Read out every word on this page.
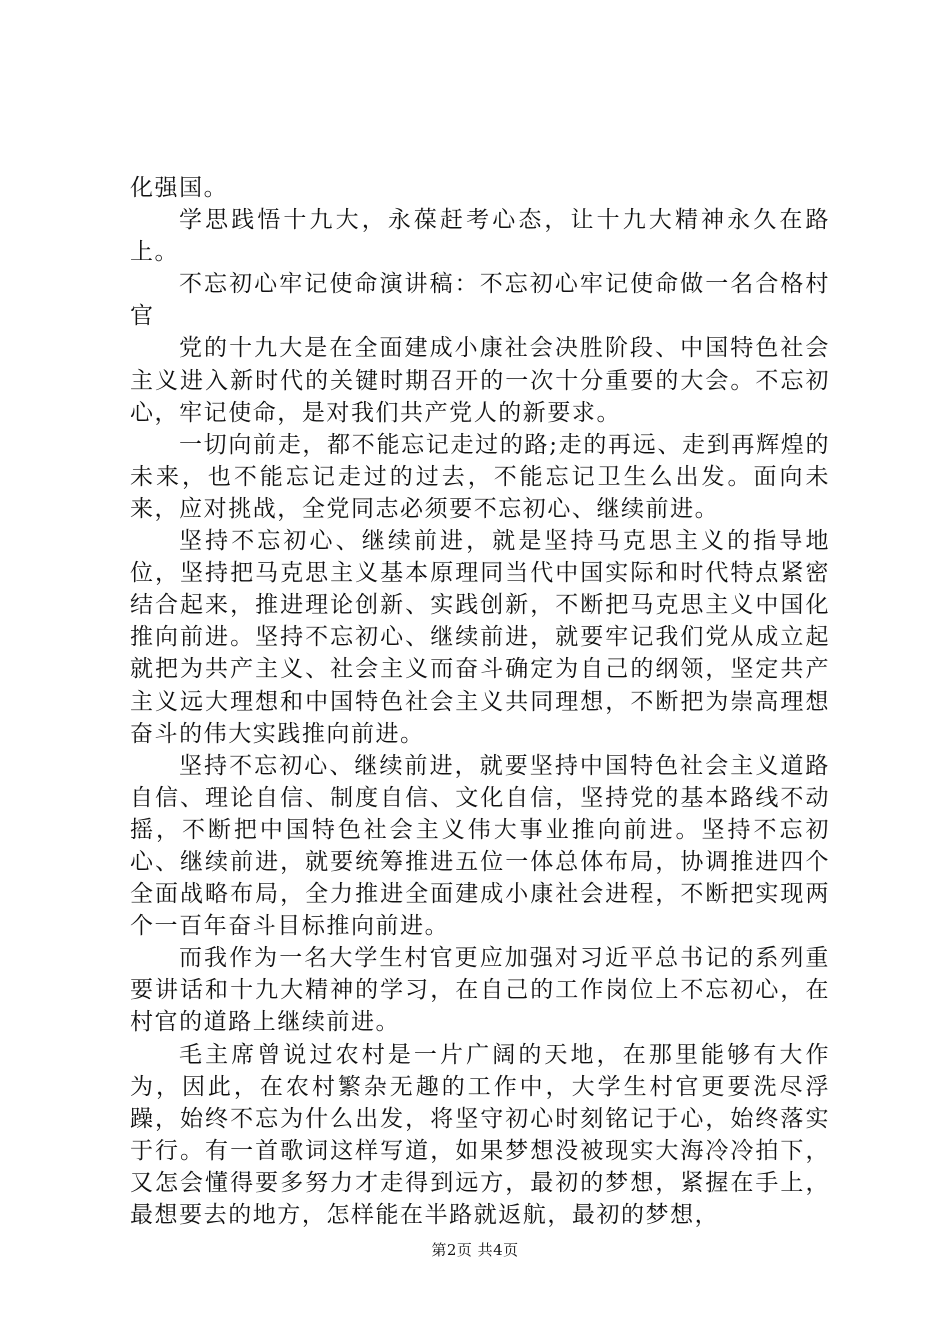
化强国。

学思践悟十九大，永葆赶考心态，让十九大精神永久在路上。

不忘初心牢记使命演讲稿：不忘初心牢记使命做一名合格村官

党的十九大是在全面建成小康社会决胜阶段、中国特色社会主义进入新时代的关键时期召开的一次十分重要的大会。不忘初心，牢记使命，是对我们共产党人的新要求。

一切向前走，都不能忘记走过的路;走的再远、走到再辉煌的未来，也不能忘记走过的过去，不能忘记卫生么出发。面向未来，应对挑战，全党同志必须要不忘初心、继续前进。

坚持不忘初心、继续前进，就是坚持马克思主义的指导地位，坚持把马克思主义基本原理同当代中国实际和时代特点紧密结合起来，推进理论创新、实践创新，不断把马克思主义中国化推向前进。坚持不忘初心、继续前进，就要牢记我们党从成立起就把为共产主义、社会主义而奋斗确定为自己的纲领，坚定共产主义远大理想和中国特色社会主义共同理想，不断把为崇高理想奋斗的伟大实践推向前进。

坚持不忘初心、继续前进，就要坚持中国特色社会主义道路自信、理论自信、制度自信、文化自信，坚持党的基本路线不动摇，不断把中国特色社会主义伟大事业推向前进。坚持不忘初心、继续前进，就要统筹推进五位一体总体布局，协调推进四个全面战略布局，全力推进全面建成小康社会进程，不断把实现两个一百年奋斗目标推向前进。

而我作为一名大学生村官更应加强对习近平总书记的系列重要讲话和十九大精神的学习，在自己的工作岗位上不忘初心，在村官的道路上继续前进。

毛主席曾说过农村是一片广阔的天地，在那里能够有大作为，因此，在农村繁杂无趣的工作中，大学生村官更要洗尽浮躁，始终不忘为什么出发，将坚守初心时刻铭记于心，始终落实于行。有一首歌词这样写道，如果梦想没被现实大海冷冷拍下，又怎会懂得要多努力才走得到远方，最初的梦想，紧握在手上，最想要去的地方，怎样能在半路就返航，最初的梦想，

第2页 共4页
